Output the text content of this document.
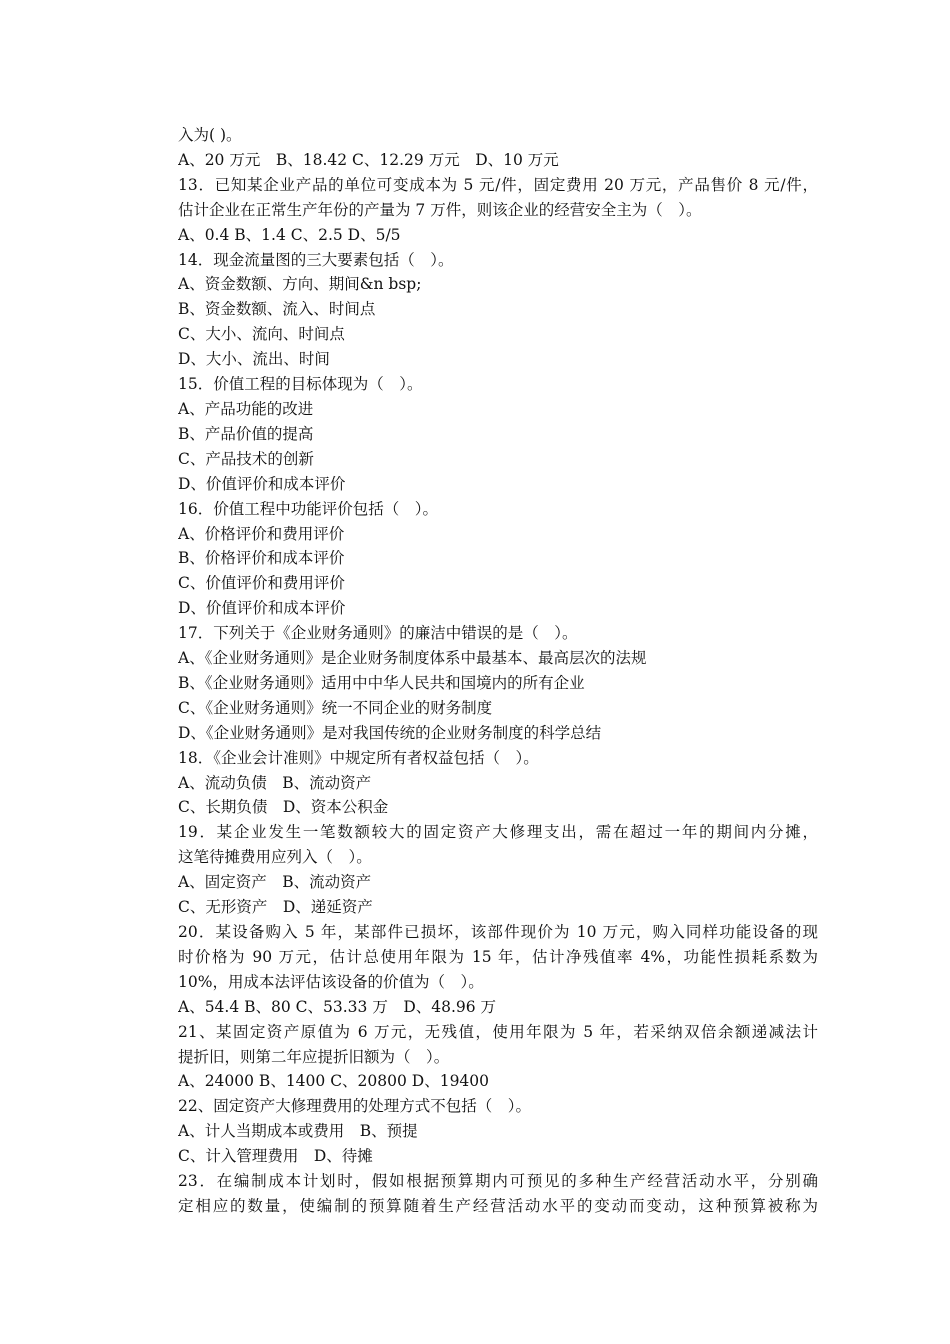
入为( )。
A、20 万元　B、18.42 C、12.29 万元　D、10 万元
13．已知某企业产品的单位可变成本为 5 元/件，固定费用 20 万元，产品售价 8 元/件，
估计企业在正常生产年份的产量为 7 万件，则该企业的经营安全主为（　）。
A、0.4 B、1.4 C、2.5 D、5/5
14．现金流量图的三大要素包括（　）。
A、资金数额、方向、期间&n bsp;
B、资金数额、流入、时间点
C、大小、流向、时间点
D、大小、流出、时间
15．价值工程的目标体现为（　）。
A、产品功能的改进
B、产品价值的提高
C、产品技术的创新
D、价值评价和成本评价
16．价值工程中功能评价包括（　）。
A、价格评价和费用评价
B、价格评价和成本评价
C、价值评价和费用评价
D、价值评价和成本评价
17．下列关于《企业财务通则》的廉洁中错误的是（　）。
A、《企业财务通则》是企业财务制度体系中最基本、最高层次的法规
B、《企业财务通则》适用中中华人民共和国境内的所有企业
C、《企业财务通则》统一不同企业的财务制度
D、《企业财务通则》是对我国传统的企业财务制度的科学总结
18．《企业会计准则》中规定所有者权益包括（　）。
A、流动负债　B、流动资产
C、长期负债　D、资本公积金
19．某企业发生一笔数额较大的固定资产大修理支出，需在超过一年的期间内分摊，
这笔待摊费用应列入（　）。
A、固定资产　B、流动资产
C、无形资产　D、递延资产
20．某设备购入 5 年，某部件已损坏，该部件现价为 10 万元，购入同样功能设备的现
时价格为 90 万元，估计总使用年限为 15 年，估计净残值率 4%，功能性损耗系数为
10%，用成本法评估该设备的价值为（　）。
A、54.4 B、80 C、53.33 万　D、48.96 万
21、某固定资产原值为 6 万元，无残值，使用年限为 5 年，若采纳双倍余额递减法计
提折旧，则第二年应提折旧额为（　）。
A、24000 B、1400 C、20800 D、19400
22、固定资产大修理费用的处理方式不包括（　）。
A、计人当期成本或费用　B、预提
C、计入管理费用　D、待摊
23．在编制成本计划时，假如根据预算期内可预见的多种生产经营活动水平，分别确
定相应的数量，使编制的预算随着生产经营活动水平的变动而变动，这种预算被称为
